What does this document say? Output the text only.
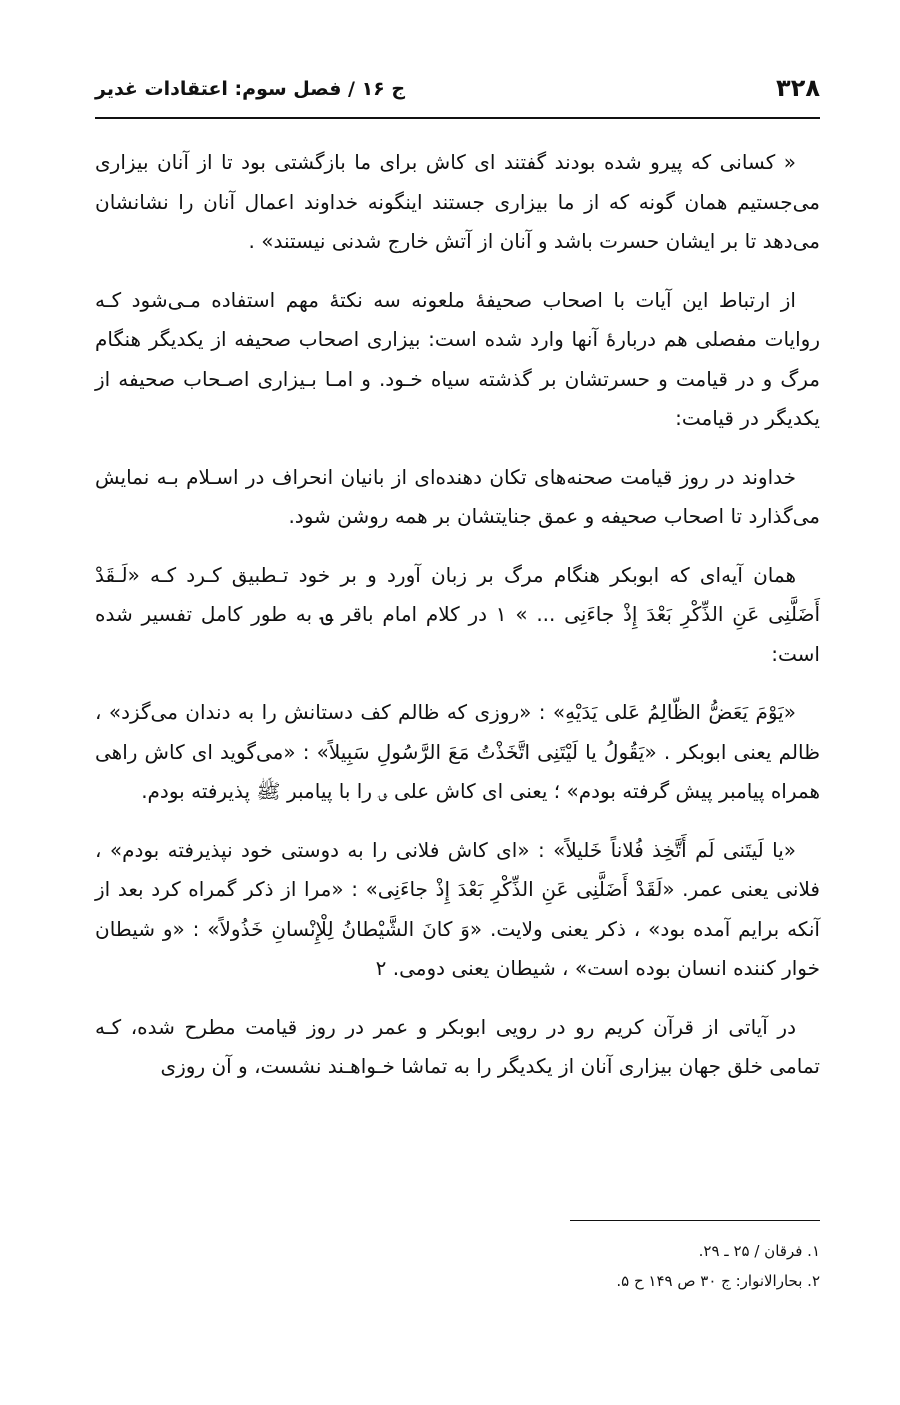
۳۲۸
ج ۱۶ / فصل سوم: اعتقادات غدیر

« کسانی که پیرو شده بودند گفتند ای کاش برای ما بازگشتی بود تا از آنان بیزاری می‌جستیم همان گونه که از ما بیزاری جستند اینگونه خداوند اعمال آنان را نشانشان می‌دهد تا بر ایشان حسرت باشد و آنان از آتش خارج شدنی نیستند» .

از ارتباط این آیات با اصحاب صحیفهٔ ملعونه سه نکتهٔ مهم استفاده مـی‌شود کـه روایات مفصلی هم دربارهٔ آنها وارد شده است: بیزاری اصحاب صحیفه از یکدیگر هنگام مرگ و در قیامت و حسرتشان بر گذشته سیاه خـود. و امـا بـیزاری اصـحاب صحیفه از یکدیگر در قیامت:

خداوند در روز قیامت صحنه‌های تکان دهنده‌ای از بانیان انحراف در اسـلام بـه نمایش می‌گذارد تا اصحاب صحیفه و عمق جنایتشان بر همه روشن شود.

همان آیه‌ای که ابوبکر هنگام مرگ بر زبان آورد و بر خود تـطبیق کـرد کـه «لَـقَدْ أَضَلَّنِی عَنِ الذِّکْرِ بَعْدَ إِذْ جاءَنِی ... » ۱ در کلام امام باقر ؈ به طور کامل تفسیر شده است:

«یَوْمَ یَعَضُّ الظّالِمُ عَلی یَدَیْهِ» : «روزی که ظالم کف دستانش را به دندان می‌گزد» ، ظالم یعنی ابوبکر . «یَقُولُ یا لَیْتَنِی اتَّخَذْتُ مَعَ الرَّسُولِ سَبِیلاً» : «می‌گوید ای کاش راهی همراه پیامبر پیش گرفته بودم» ؛ یعنی ای کاش علی ؈ را با پیامبر ﷺ پذیرفته بودم.

«یا لَیتَنی لَم أَتَّخِذ فُلاناً خَلیلاً» : «ای کاش فلانی را به دوستی خود نپذیرفته بودم» ، فلانی یعنی عمر. «لَقَدْ أَضَلَّنِی عَنِ الذِّکْرِ بَعْدَ إِذْ جاءَنِی» : «مرا از ذکر گمراه کرد بعد از آنکه برایم آمده بود» ، ذکر یعنی ولایت. «وَ کانَ الشَّیْطانُ لِلْإِنْسانِ خَذُولاً» : «و شیطان خوار کننده انسان بوده است» ، شیطان یعنی دومی. ۲

در آیاتی از قرآن کریم رو در رویی ابوبکر و عمر در روز قیامت مطرح شده، کـه تمامی خلق جهان بیزاری آنان از یکدیگر را به تماشا خـواهـند نشست، و آن روزی

۱. فرقان / ۲۵ ـ ۲۹.

۲. بحارالانوار: ج ۳۰ ص ۱۴۹ ح ۵.
